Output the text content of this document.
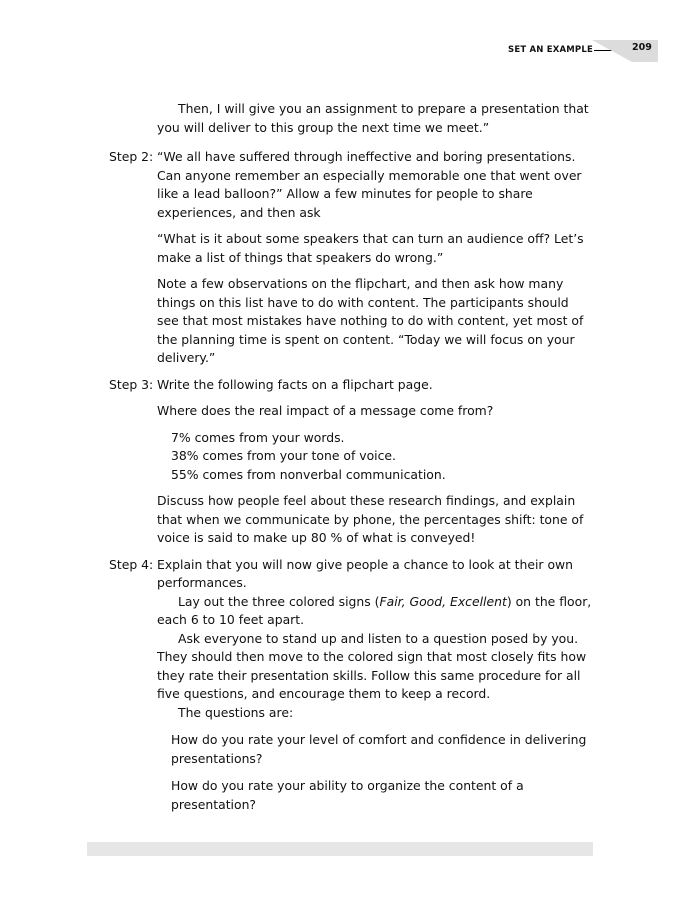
SET AN EXAMPLE	209
Then, I will give you an assignment to prepare a presentation that
you will deliver to this group the next time we meet.”
Step 2: “We all have suffered through ineffective and boring presentations. Can anyone remember an especially memorable one that went over like a lead balloon?” Allow a few minutes for people to share experiences, and then ask

“What is it about some speakers that can turn an audience off? Let’s make a list of things that speakers do wrong.”

Note a few observations on the flipchart, and then ask how many things on this list have to do with content. The participants should see that most mistakes have nothing to do with content, yet most of the planning time is spent on content. “Today we will focus on your delivery.”

Step 3: Write the following facts on a flipchart page.

Where does the real impact of a message come from?

7% comes from your words.
38% comes from your tone of voice.
55% comes from nonverbal communication.

Discuss how people feel about these research findings, and explain that when we communicate by phone, the percentages shift: tone of voice is said to make up 80 % of what is conveyed!

Step 4: Explain that you will now give people a chance to look at their own performances.

Lay out the three colored signs (Fair, Good, Excellent) on the floor, each 6 to 10 feet apart.

Ask everyone to stand up and listen to a question posed by you. They should then move to the colored sign that most closely fits how they rate their presentation skills. Follow this same procedure for all five questions, and encourage them to keep a record.

The questions are:

How do you rate your level of comfort and confidence in delivering presentations?

How do you rate your ability to organize the content of a presentation?
